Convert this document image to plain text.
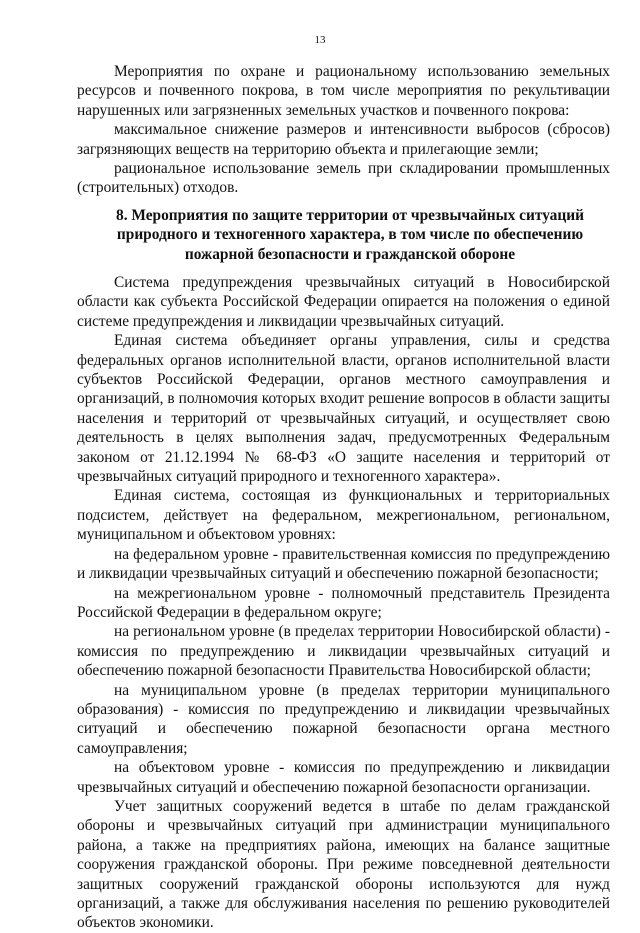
13

Мероприятия по охране и рациональному использованию земельных ресурсов и почвенного покрова, в том числе мероприятия по рекультивации нарушенных или загрязненных земельных участков и почвенного покрова:

максимальное снижение размеров и интенсивности выбросов (сбросов) загрязняющих веществ на территорию объекта и прилегающие земли;

рациональное использование земель при складировании промышленных (строительных) отходов.

8. Мероприятия по защите территории от чрезвычайных ситуаций природного и техногенного характера, в том числе по обеспечению пожарной безопасности и гражданской обороне

Система предупреждения чрезвычайных ситуаций в Новосибирской области как субъекта Российской Федерации опирается на положения о единой системе предупреждения и ликвидации чрезвычайных ситуаций.

Единая система объединяет органы управления, силы и средства федеральных органов исполнительной власти, органов исполнительной власти субъектов Российской Федерации, органов местного самоуправления и организаций, в полномочия которых входит решение вопросов в области защиты населения и территорий от чрезвычайных ситуаций, и осуществляет свою деятельность в целях выполнения задач, предусмотренных Федеральным законом от 21.12.1994 № 68-ФЗ «О защите населения и территорий от чрезвычайных ситуаций природного и техногенного характера».

Единая система, состоящая из функциональных и территориальных подсистем, действует на федеральном, межрегиональном, региональном, муниципальном и объектовом уровнях:

на федеральном уровне - правительственная комиссия по предупреждению и ликвидации чрезвычайных ситуаций и обеспечению пожарной безопасности;

на межрегиональном уровне - полномочный представитель Президента Российской Федерации в федеральном округе;

на региональном уровне (в пределах территории Новосибирской области) - комиссия по предупреждению и ликвидации чрезвычайных ситуаций и обеспечению пожарной безопасности Правительства Новосибирской области;

на муниципальном уровне (в пределах территории муниципального образования) - комиссия по предупреждению и ликвидации чрезвычайных ситуаций и обеспечению пожарной безопасности органа местного самоуправления;

на объектовом уровне - комиссия по предупреждению и ликвидации чрезвычайных ситуаций и обеспечению пожарной безопасности организации.

Учет защитных сооружений ведется в штабе по делам гражданской обороны и чрезвычайных ситуаций при администрации муниципального района, а также на предприятиях района, имеющих на балансе защитные сооружения гражданской обороны. При режиме повседневной деятельности защитных сооружений гражданской обороны используются для нужд организаций, а также для обслуживания населения по решению руководителей объектов экономики.
